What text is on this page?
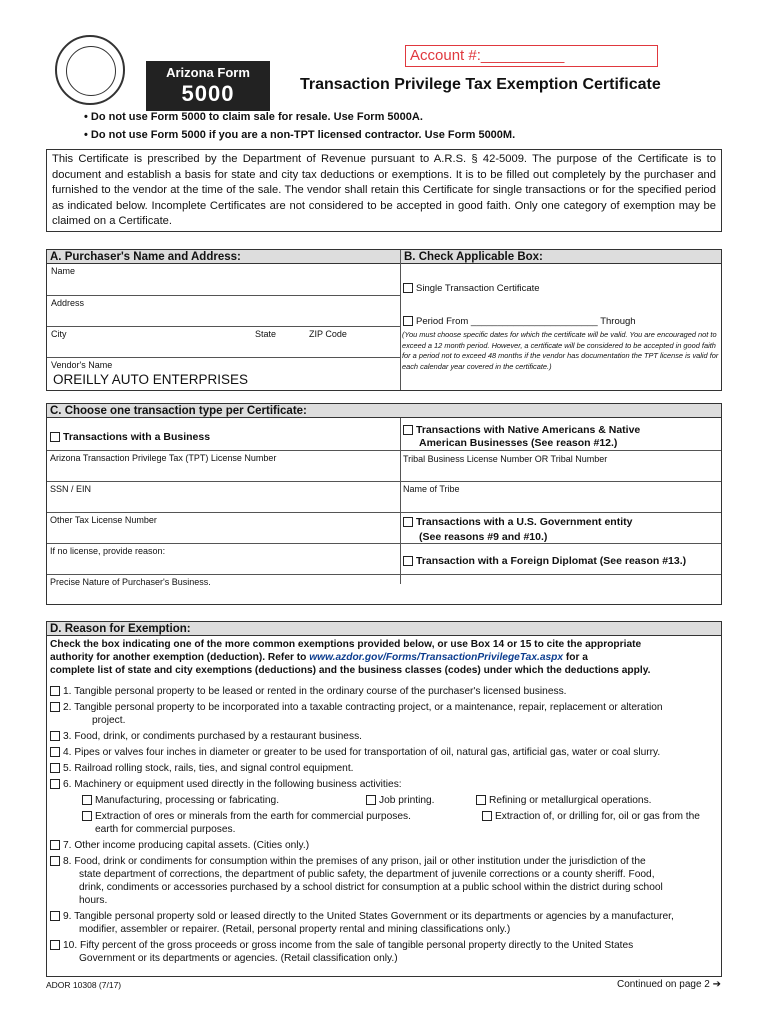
Arizona Form
5000
Account #:__________
Transaction Privilege Tax Exemption Certificate
• Do not use Form 5000 to claim sale for resale. Use Form 5000A.
• Do not use Form 5000 if you are a non-TPT licensed contractor. Use Form 5000M.
This Certificate is prescribed by the Department of Revenue pursuant to A.R.S. § 42-5009. The purpose of the Certificate is to document and establish a basis for state and city tax deductions or exemptions. It is to be filled out completely by the purchaser and furnished to the vendor at the time of the sale. The vendor shall retain this Certificate for single transactions or for the specified period as indicated below. Incomplete Certificates are not considered to be accepted in good faith. Only one category of exemption may be claimed on a Certificate.
A. Purchaser's Name and Address:	B. Check Applicable Box:
Name
Address
City	State	ZIP Code
Vendor's Name
OREILLY AUTO ENTERPRISES
Single Transaction Certificate
Period From ________________________ Through
(You must choose specific dates for which the certificate will be valid. You are encouraged not to exceed a 12 month period. However, a certificate will be considered to be accepted in good faith for a period not to exceed 48 months if the vendor has documentation the TPT license is valid for each calendar year covered in the certificate.)
C. Choose one transaction type per Certificate:
Transactions with a Business
Arizona Transaction Privilege Tax (TPT) License Number
SSN / EIN
Other Tax License Number
If no license, provide reason:
Precise Nature of Purchaser's Business.
Transactions with Native Americans & Native
American Businesses (See reason #12.)
Tribal Business License Number OR Tribal Number
Name of Tribe
Transactions with a U.S. Government entity
(See reasons #9 and #10.)
Transaction with a Foreign Diplomat (See reason #13.)
D. Reason for Exemption:
Check the box indicating one of the more common exemptions provided below, or use Box 14 or 15 to cite the appropriate
authority for another exemption (deduction). Refer to www.azdor.gov/Forms/TransactionPrivilegeTax.aspx for a
complete list of state and city exemptions (deductions) and the business classes (codes) under which the deductions apply.
1. Tangible personal property to be leased or rented in the ordinary course of the purchaser's licensed business.
2. Tangible personal property to be incorporated into a taxable contracting project, or a maintenance, repair, replacement or alteration
project.
3. Food, drink, or condiments purchased by a restaurant business.
4. Pipes or valves four inches in diameter or greater to be used for transportation of oil, natural gas, artificial gas, water or coal slurry.
5. Railroad rolling stock, rails, ties, and signal control equipment.
6. Machinery or equipment used directly in the following business activities:
Manufacturing, processing or fabricating.	Job printing.	Refining or metallurgical operations.
Extraction of ores or minerals from the earth for commercial purposes.	Extraction of, or drilling for, oil or gas from the
earth for commercial purposes.
7. Other income producing capital assets. (Cities only.)
8. Food, drink or condiments for consumption within the premises of any prison, jail or other institution under the jurisdiction of the
state department of corrections, the department of public safety, the department of juvenile corrections or a county sheriff. Food,
drink, condiments or accessories purchased by a school district for consumption at a public school within the district during school
hours.
9. Tangible personal property sold or leased directly to the United States Government or its departments or agencies by a manufacturer,
modifier, assembler or repairer. (Retail, personal property rental and mining classifications only.)
10. Fifty percent of the gross proceeds or gross income from the sale of tangible personal property directly to the United States
Government or its departments or agencies. (Retail classification only.)
ADOR 10308 (7/17)	Continued on page 2 ➔
